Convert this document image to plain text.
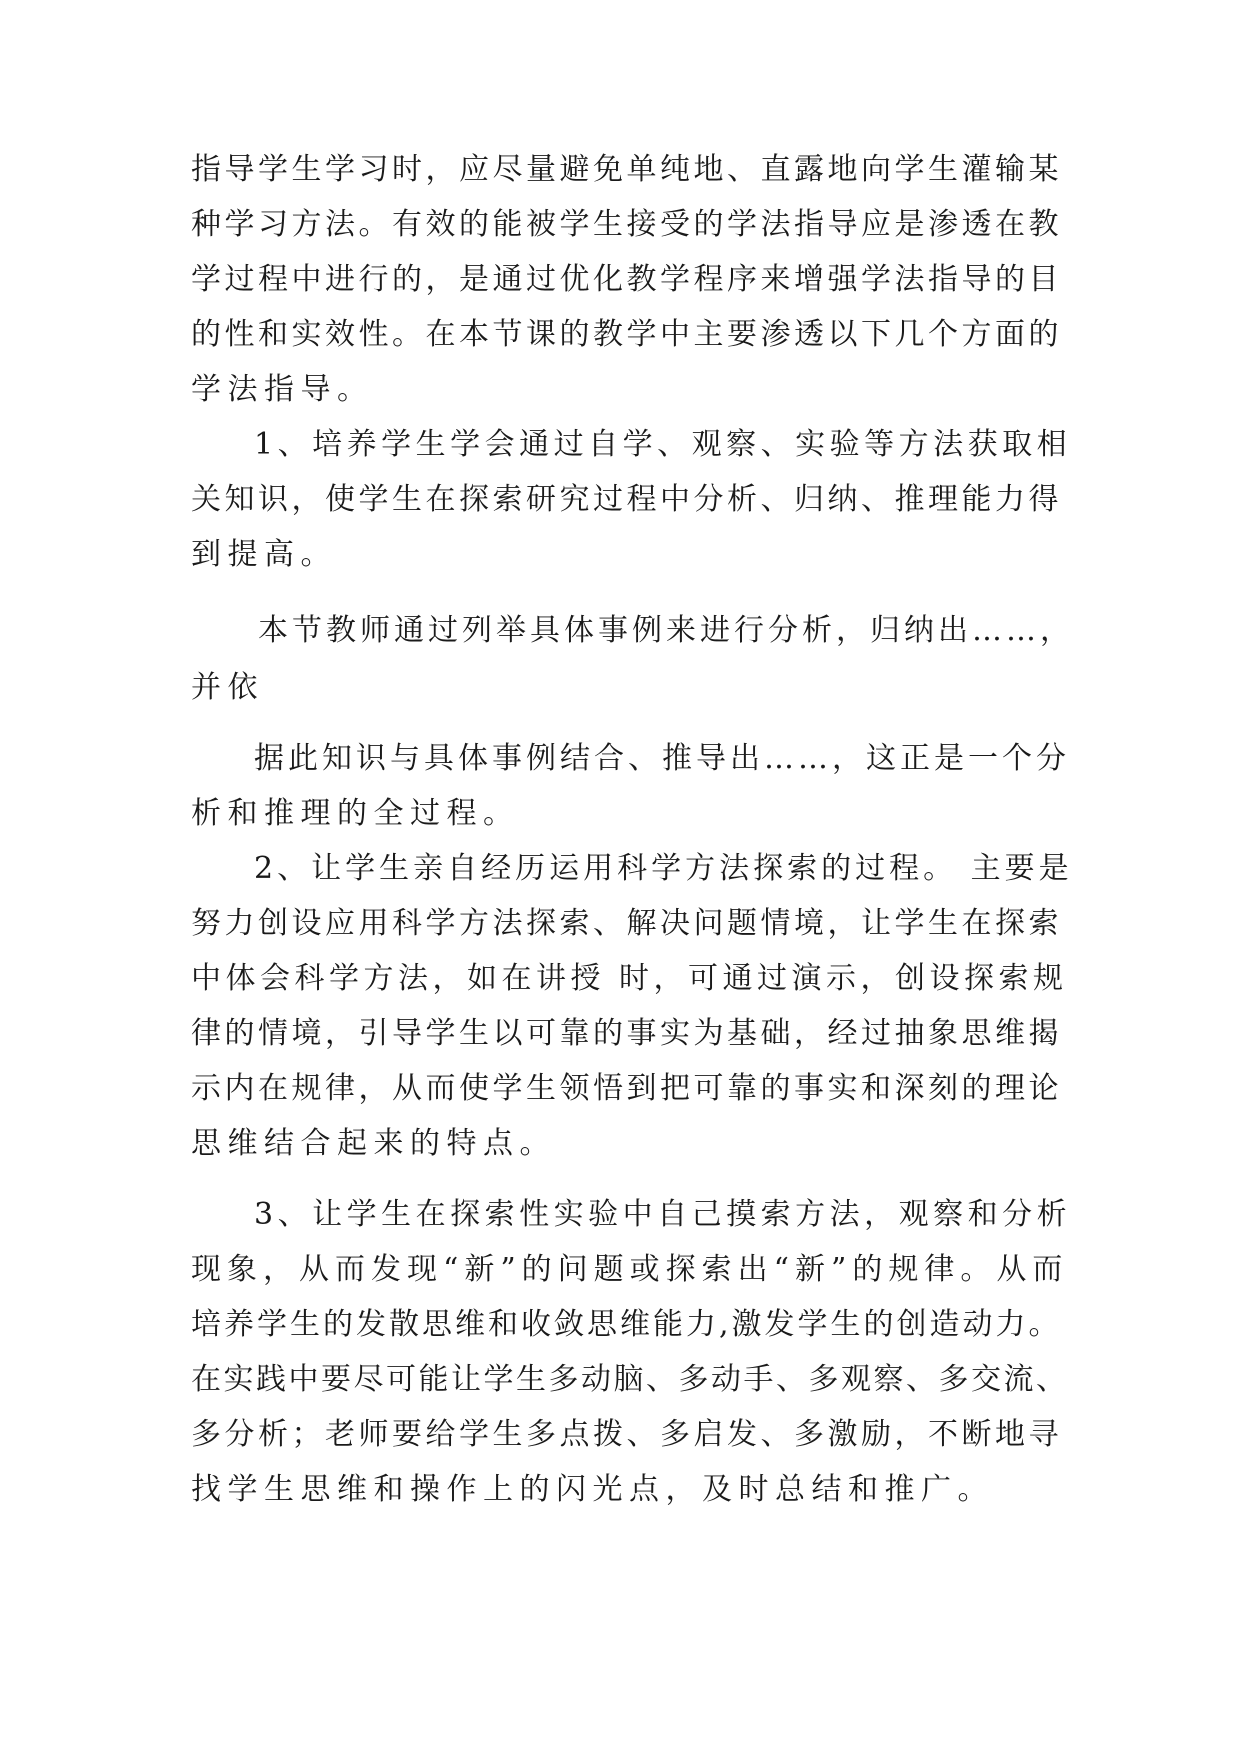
指导学生学习时，应尽量避免单纯地、直露地向学生灌输某
种学习方法。有效的能被学生接受的学法指导应是渗透在教
学过程中进行的，是通过优化教学程序来增强学法指导的目
的性和实效性。在本节课的教学中主要渗透以下几个方面的
学法指导。
1、培养学生学会通过自学、观察、实验等方法获取相
关知识，使学生在探索研究过程中分析、归纳、推理能力得
到提高。
本节教师通过列举具体事例来进行分析，归纳出……，
并依
据此知识与具体事例结合、推导出……，这正是一个分
析和推理的全过程。
2、让学生亲自经历运用科学方法探索的过程。 主要是
努力创设应用科学方法探索、解决问题情境，让学生在探索
中体会科学方法，如在讲授 时，可通过演示，创设探索规
律的情境，引导学生以可靠的事实为基础，经过抽象思维揭
示内在规律，从而使学生领悟到把可靠的事实和深刻的理论
思维结合起来的特点。
3、让学生在探索性实验中自己摸索方法，观察和分析
现象，从而发现“新”的问题或探索出“新”的规律。从而
培养学生的发散思维和收敛思维能力,激发学生的创造动力。
在实践中要尽可能让学生多动脑、多动手、多观察、多交流、
多分析；老师要给学生多点拨、多启发、多激励，不断地寻
找学生思维和操作上的闪光点，及时总结和推广。
